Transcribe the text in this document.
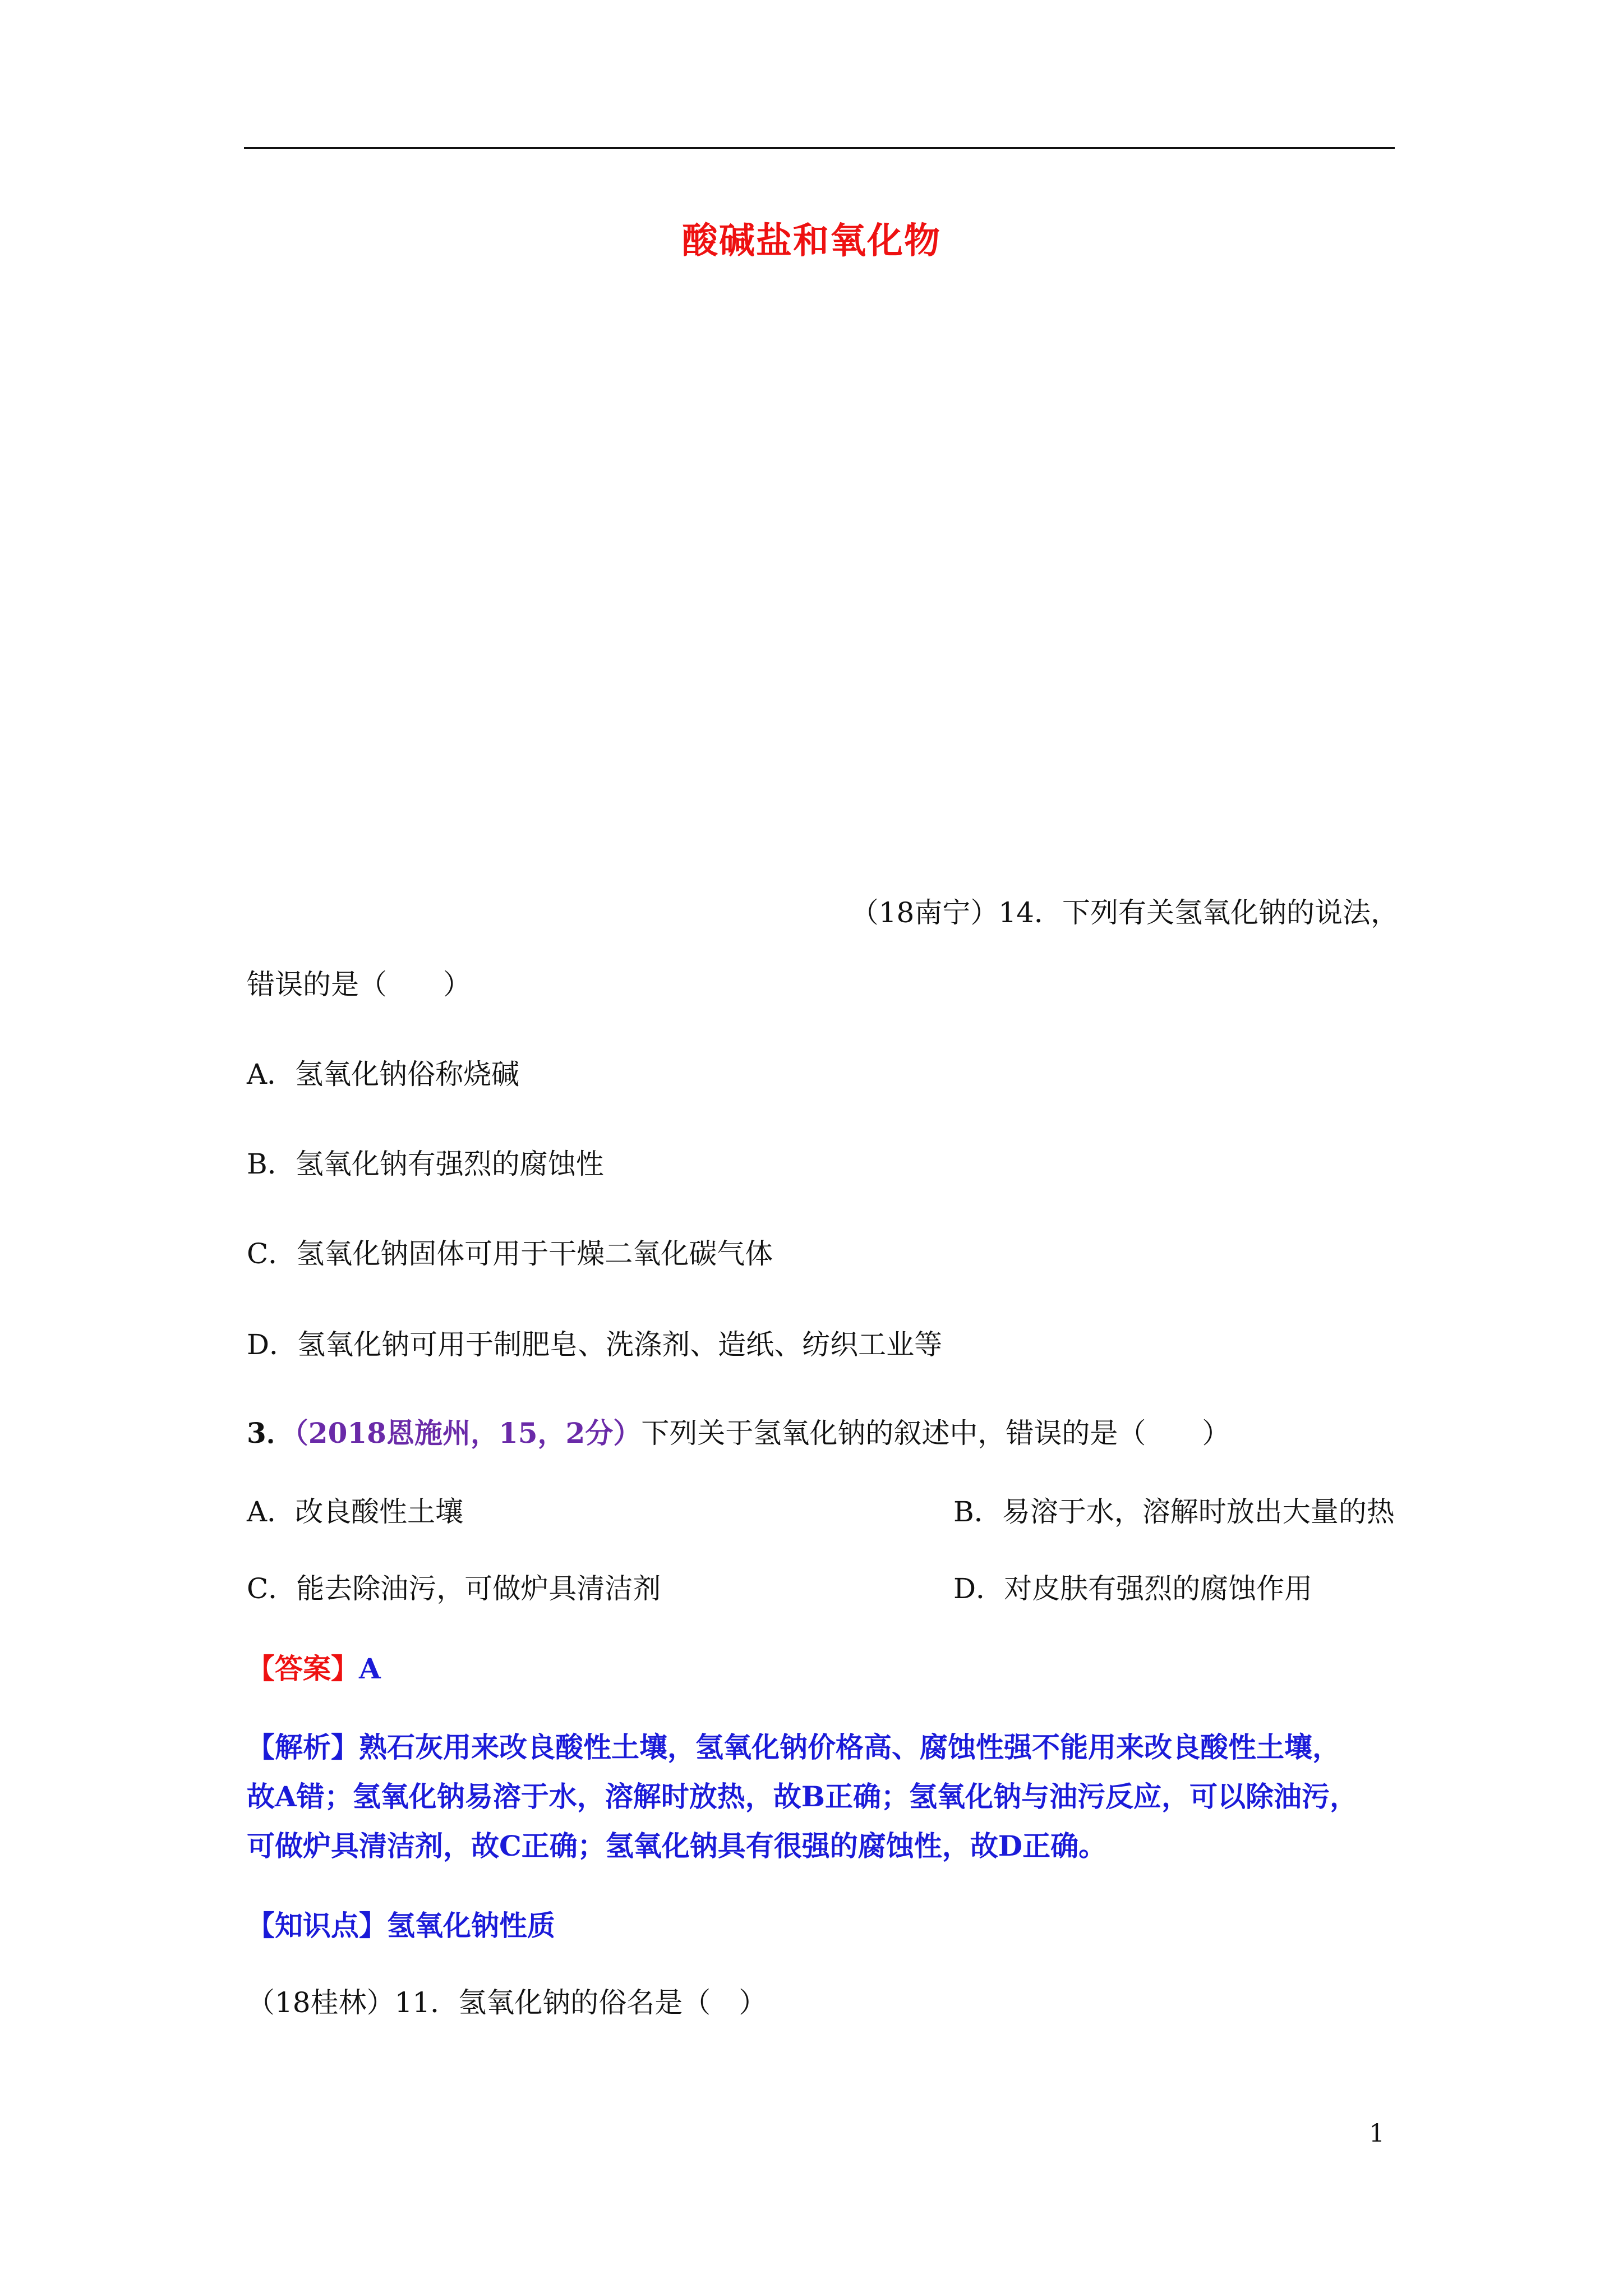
酸碱盐和氧化物
（18南宁）14．下列有关氢氧化钠的说法，
错误的是（　　）
A．氢氧化钠俗称烧碱
B．氢氧化钠有强烈的腐蚀性
C．氢氧化钠固体可用于干燥二氧化碳气体
D．氢氧化钠可用于制肥皂、洗涤剂、造纸、纺织工业等
3．（2018恩施州，15，2分）下列关于氢氧化钠的叙述中，错误的是（　　）
A．改良酸性土壤	B．易溶于水，溶解时放出大量的热
C．能去除油污，可做炉具清洁剂	D．对皮肤有强烈的腐蚀作用
【答案】A
【解析】熟石灰用来改良酸性土壤，氢氧化钠价格高、腐蚀性强不能用来改良酸性土壤，
故A错；氢氧化钠易溶于水，溶解时放热，故B正确；氢氧化钠与油污反应，可以除油污，
可做炉具清洁剂，故C正确；氢氧化钠具有很强的腐蚀性，故D正确。
【知识点】氢氧化钠性质
（18桂林）11．氢氧化钠的俗名是（　）
1
